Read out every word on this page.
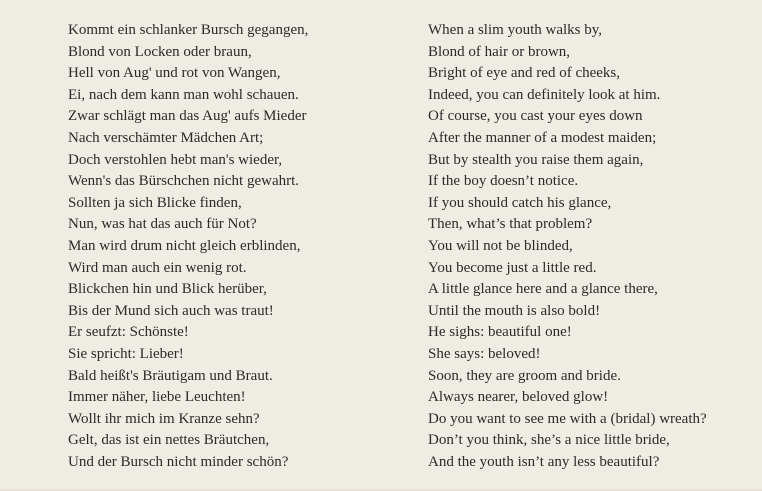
Kommt ein schlanker Bursch gegangen,
Blond von Locken oder braun,
Hell von Aug' und rot von Wangen,
Ei, nach dem kann man wohl schauen.
Zwar schlägt man das Aug' aufs Mieder
Nach verschämter Mädchen Art;
Doch verstohlen hebt man's wieder,
Wenn's das Bürschchen nicht gewahrt.
Sollten ja sich Blicke finden,
Nun, was hat das auch für Not?
Man wird drum nicht gleich erblinden,
Wird man auch ein wenig rot.
Blickchen hin und Blick herüber,
Bis der Mund sich auch was traut!
Er seufzt: Schönste!
Sie spricht: Lieber!
Bald heißt's Bräutigam und Braut.
Immer näher, liebe Leuchten!
Wollt ihr mich im Kranze sehn?
Gelt, das ist ein nettes Bräutchen,
Und der Bursch nicht minder schön?
When a slim youth walks by,
Blond of hair or brown,
Bright of eye and red of cheeks,
Indeed, you can definitely look at him.
Of course, you cast your eyes down
After the manner of a modest maiden;
But by stealth you raise them again,
If the boy doesn’t notice.
If you should catch his glance,
Then, what’s that problem?
You will not be blinded,
You become just a little red.
A little glance here and a glance there,
Until the mouth is also bold!
He sighs: beautiful one!
She says: beloved!
Soon, they are groom and bride.
Always nearer, beloved glow!
Do you want to see me with a (bridal) wreath?
Don’t you think, she’s a nice little bride,
And the youth isn’t any less beautiful?
